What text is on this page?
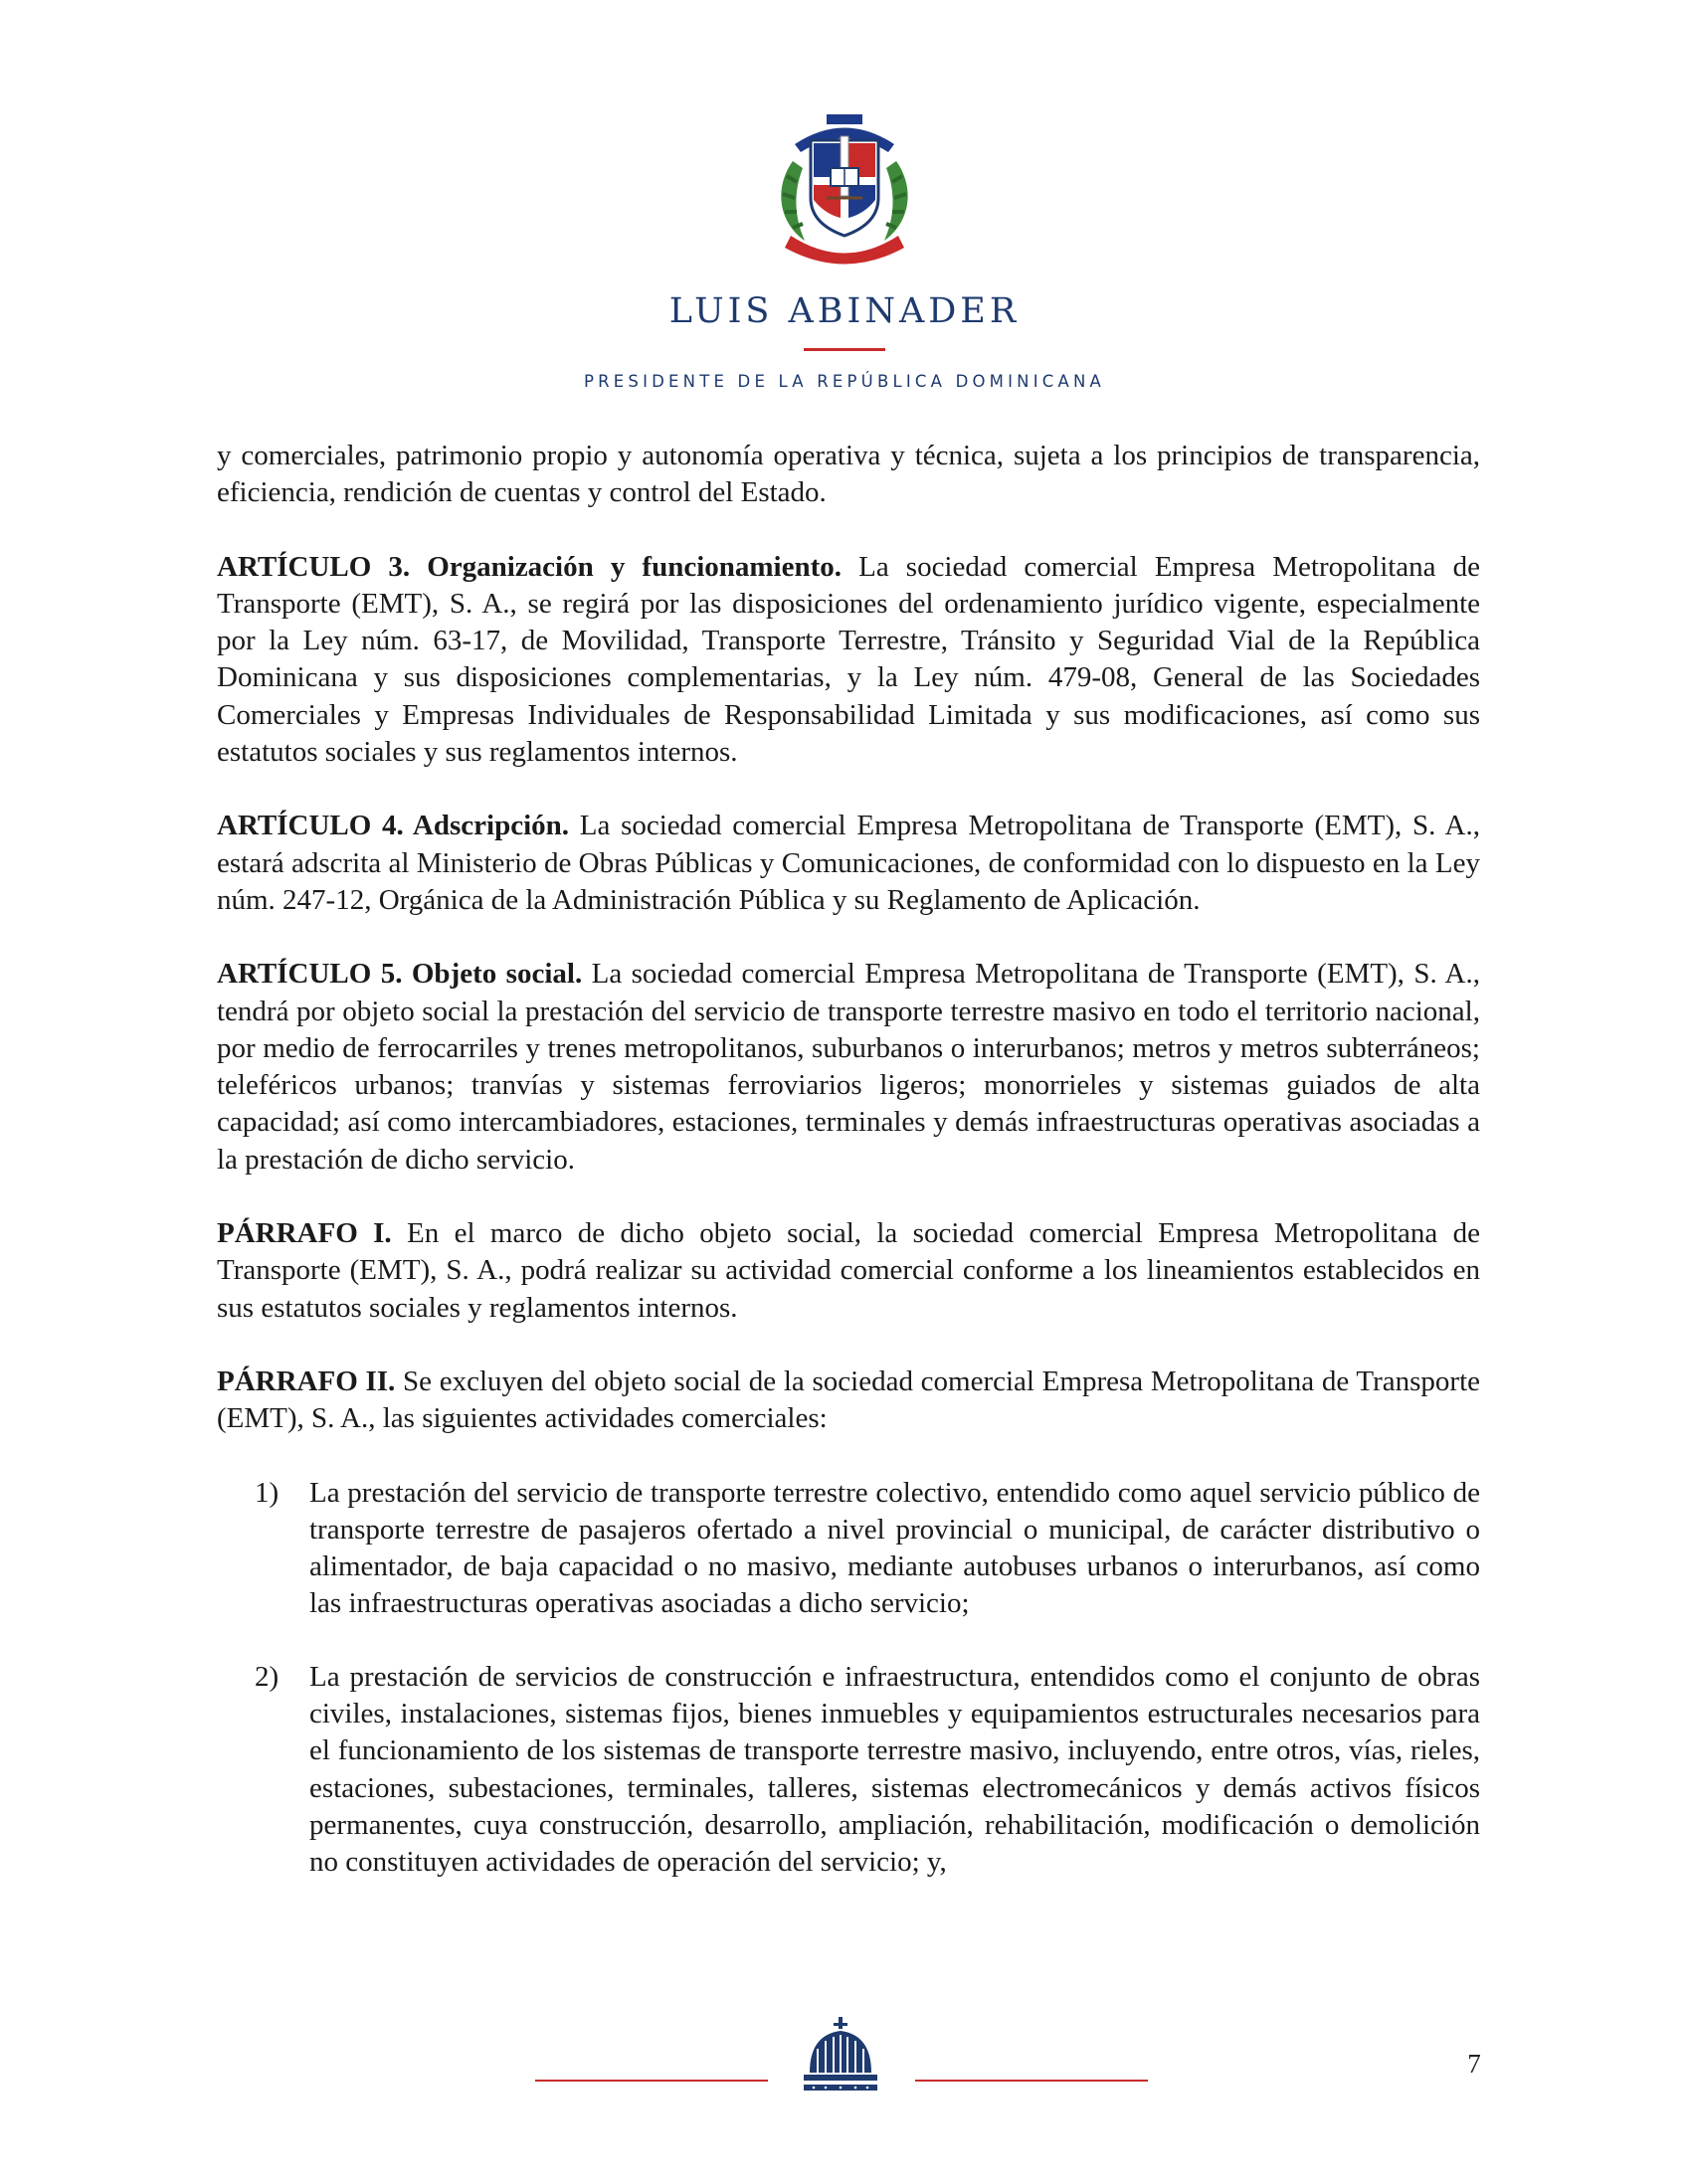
LUIS ABINADER
PRESIDENTE DE LA REPÚBLICA DOMINICANA

y comerciales, patrimonio propio y autonomía operativa y técnica, sujeta a los principios de transparencia, eficiencia, rendición de cuentas y control del Estado.

ARTÍCULO 3. Organización y funcionamiento. La sociedad comercial Empresa Metropolitana de Transporte (EMT), S. A., se regirá por las disposiciones del ordenamiento jurídico vigente, especialmente por la Ley núm. 63-17, de Movilidad, Transporte Terrestre, Tránsito y Seguridad Vial de la República Dominicana y sus disposiciones complementarias, y la Ley núm. 479-08, General de las Sociedades Comerciales y Empresas Individuales de Responsabilidad Limitada y sus modificaciones, así como sus estatutos sociales y sus reglamentos internos.

ARTÍCULO 4. Adscripción. La sociedad comercial Empresa Metropolitana de Transporte (EMT), S. A., estará adscrita al Ministerio de Obras Públicas y Comunicaciones, de conformidad con lo dispuesto en la Ley núm. 247-12, Orgánica de la Administración Pública y su Reglamento de Aplicación.

ARTÍCULO 5. Objeto social. La sociedad comercial Empresa Metropolitana de Transporte (EMT), S. A., tendrá por objeto social la prestación del servicio de transporte terrestre masivo en todo el territorio nacional, por medio de ferrocarriles y trenes metropolitanos, suburbanos o interurbanos; metros y metros subterráneos; teleféricos urbanos; tranvías y sistemas ferroviarios ligeros; monorrieles y sistemas guiados de alta capacidad; así como intercambiadores, estaciones, terminales y demás infraestructuras operativas asociadas a la prestación de dicho servicio.

PÁRRAFO I. En el marco de dicho objeto social, la sociedad comercial Empresa Metropolitana de Transporte (EMT), S. A., podrá realizar su actividad comercial conforme a los lineamientos establecidos en sus estatutos sociales y reglamentos internos.

PÁRRAFO II. Se excluyen del objeto social de la sociedad comercial Empresa Metropolitana de Transporte (EMT), S. A., las siguientes actividades comerciales:

1)	La prestación del servicio de transporte terrestre colectivo, entendido como aquel servicio público de transporte terrestre de pasajeros ofertado a nivel provincial o municipal, de carácter distributivo o alimentador, de baja capacidad o no masivo, mediante autobuses urbanos o interurbanos, así como las infraestructuras operativas asociadas a dicho servicio;
2)	La prestación de servicios de construcción e infraestructura, entendidos como el conjunto de obras civiles, instalaciones, sistemas fijos, bienes inmuebles y equipamientos estructurales necesarios para el funcionamiento de los sistemas de transporte terrestre masivo, incluyendo, entre otros, vías, rieles, estaciones, subestaciones, terminales, talleres, sistemas electromecánicos y demás activos físicos permanentes, cuya construcción, desarrollo, ampliación, rehabilitación, modificación o demolición no constituyen actividades de operación del servicio; y,
7
